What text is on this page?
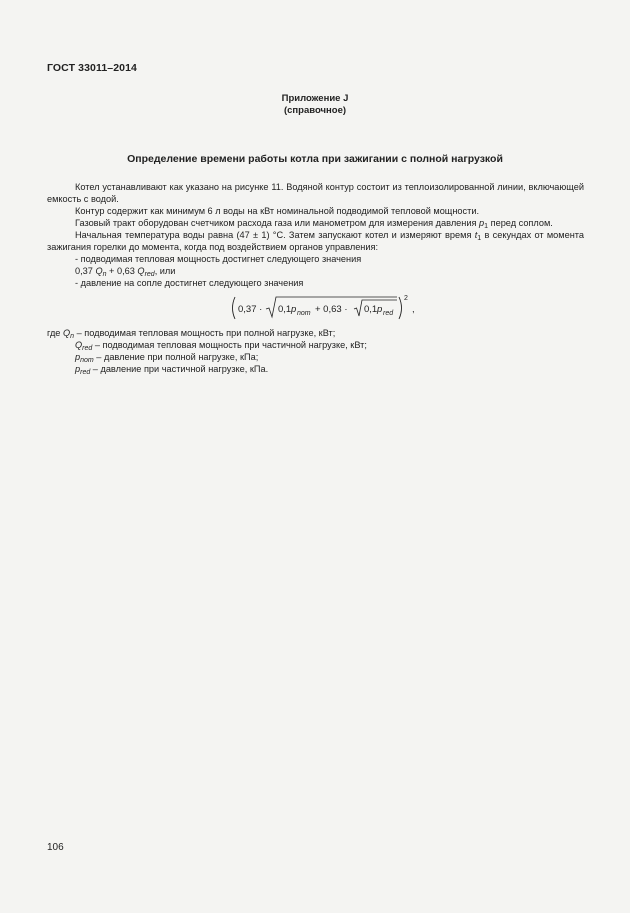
ГОСТ 33011–2014
Приложение J
(справочное)
Определение времени работы котла при зажигании с полной нагрузкой

Котел устанавливают как указано на рисунке 11. Водяной контур состоит из теплоизолированной линии, включающей емкость с водой.

Контур содержит как минимум 6 л воды на кВт номинальной подводимой тепловой мощности.

Газовый тракт оборудован счетчиком расхода газа или манометром для измерения давления $p_1$ перед соплом.

Начальная температура воды равна (47 ± 1) °С. Затем запускают котел и измеряют время $t_1$ в секундах от момента зажигания горелки до момента, когда под воздействием органов управления:

- подводимая тепловая мощность достигнет следующего значения

0,37 $Q_n + 0,63$ $Q_{red}$, или

- давление на сопле достигнет следующего значения

0,37 · 0,1 p nom + 0,63 · 0,1 p red
2
,

где $Q_n$ – подводимая тепловая мощность при полной нагрузке, кВт;

$Q_{red}$ – подводимая тепловая мощность при частичной нагрузке, кВт;

$p_{nom}$ – давление при полной нагрузке, кПа;

$p_{red}$ – давление при частичной нагрузке, кПа.

106
